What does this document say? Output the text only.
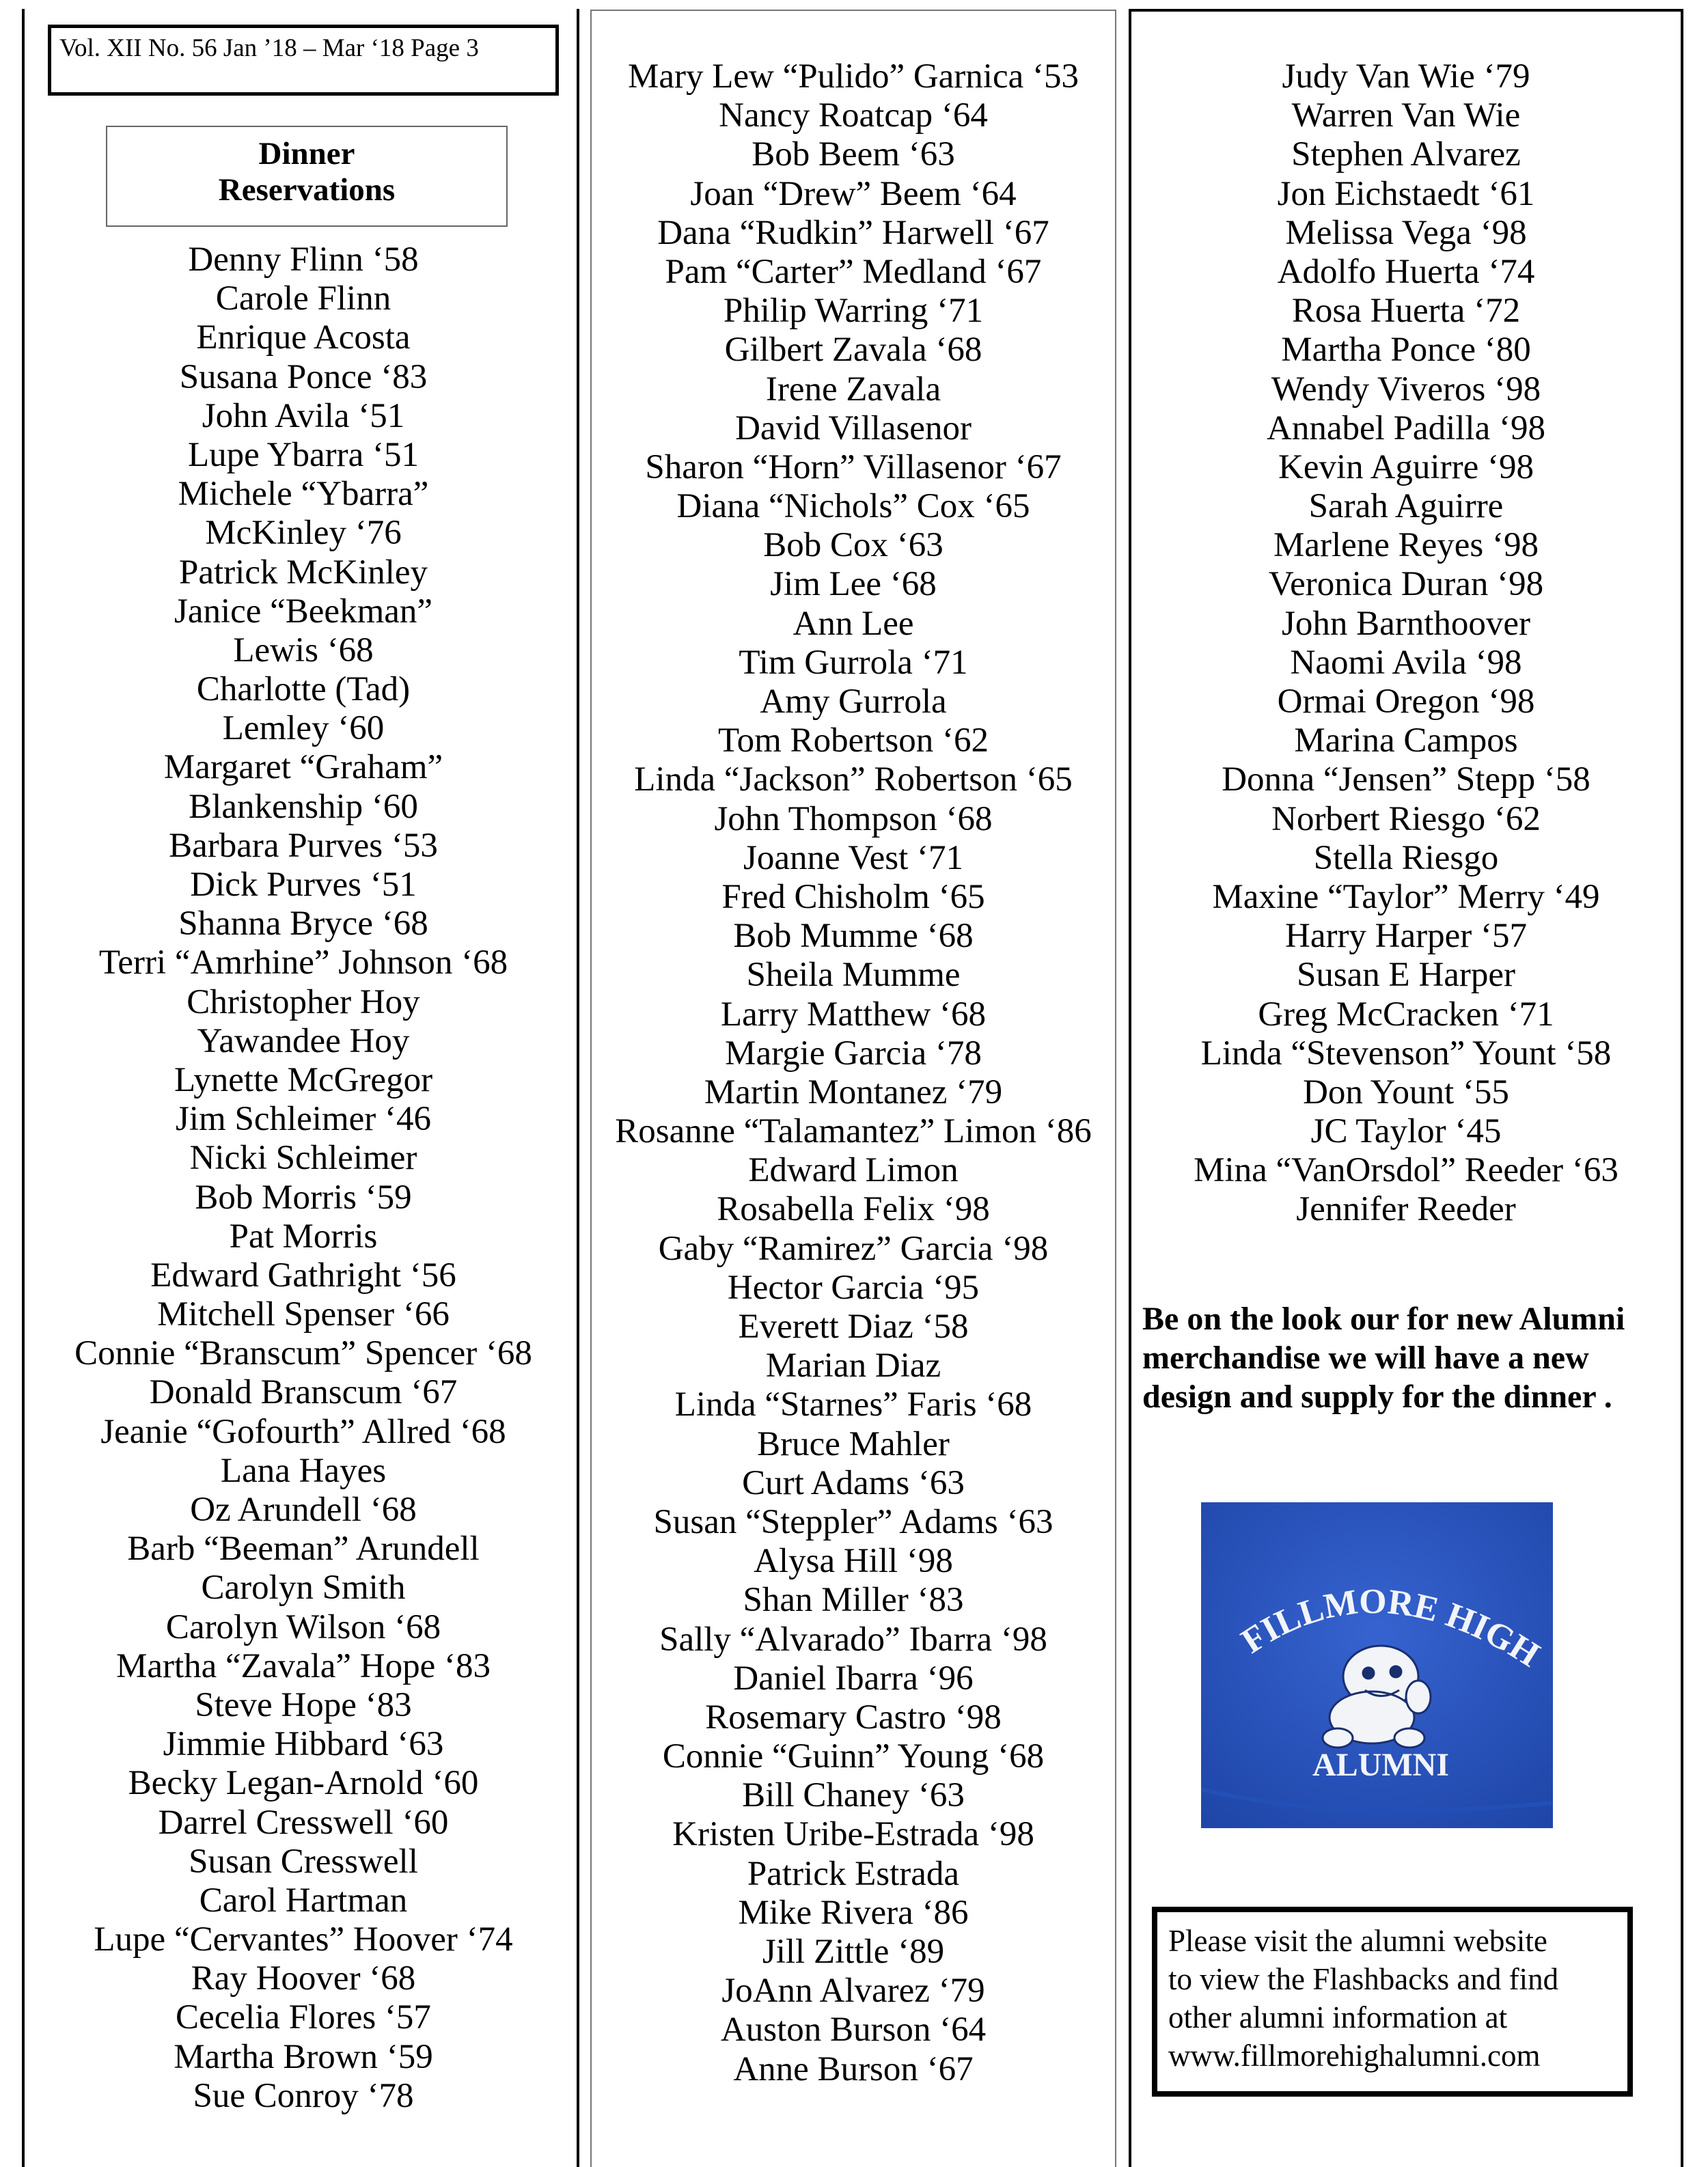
Vol. XII No. 56 Jan ’18 – Mar ‘18 Page 3
Dinner
Reservations
Denny Flinn ‘58
Carole Flinn
Enrique Acosta
Susana Ponce ‘83
John Avila ‘51
Lupe Ybarra ‘51
Michele “Ybarra”
McKinley ‘76
Patrick McKinley
Janice “Beekman”
Lewis ‘68
Charlotte (Tad)
Lemley ‘60
Margaret “Graham”
Blankenship ‘60
Barbara Purves ‘53
Dick Purves ‘51
Shanna Bryce ‘68
Terri “Amrhine” Johnson ‘68
Christopher Hoy
Yawandee Hoy
Lynette McGregor
Jim Schleimer ‘46
Nicki Schleimer
Bob Morris ‘59
Pat Morris
Edward Gathright ‘56
Mitchell Spenser ‘66
Connie “Branscum” Spencer ‘68
Donald Branscum ‘67
Jeanie “Gofourth” Allred ‘68
Lana Hayes
Oz Arundell ‘68
Barb “Beeman” Arundell
Carolyn Smith
Carolyn Wilson ‘68
Martha “Zavala” Hope ‘83
Steve Hope ‘83
Jimmie Hibbard ‘63
Becky Legan-Arnold ‘60
Darrel Cresswell ‘60
Susan Cresswell
Carol Hartman
Lupe “Cervantes” Hoover ‘74
Ray Hoover ‘68
Cecelia Flores ‘57
Martha Brown ‘59
Sue Conroy ‘78
Mary Lew “Pulido” Garnica ‘53
Nancy Roatcap ‘64
Bob Beem ‘63
Joan “Drew” Beem ‘64
Dana “Rudkin” Harwell ‘67
Pam “Carter” Medland ‘67
Philip Warring ‘71
Gilbert Zavala ‘68
Irene Zavala
David Villasenor
Sharon “Horn” Villasenor ‘67
Diana “Nichols” Cox ‘65
Bob Cox ‘63
Jim Lee ‘68
Ann Lee
Tim Gurrola ‘71
Amy Gurrola
Tom Robertson ‘62
Linda “Jackson” Robertson ‘65
John Thompson ‘68
Joanne Vest ‘71
Fred Chisholm ‘65
Bob Mumme ‘68
Sheila Mumme
Larry Matthew ‘68
Margie Garcia ‘78
Martin Montanez ‘79
Rosanne “Talamantez” Limon ‘86
Edward Limon
Rosabella Felix ‘98
Gaby “Ramirez” Garcia ‘98
Hector Garcia ‘95
Everett Diaz ‘58
Marian Diaz
Linda “Starnes” Faris ‘68
Bruce Mahler
Curt Adams ‘63
Susan “Steppler” Adams ‘63
Alysa Hill ‘98
Shan Miller ‘83
Sally “Alvarado” Ibarra ‘98
Daniel Ibarra ‘96
Rosemary Castro ‘98
Connie “Guinn” Young ‘68
Bill Chaney ‘63
Kristen Uribe-Estrada ‘98
Patrick Estrada
Mike Rivera ‘86
Jill Zittle ‘89
JoAnn Alvarez ‘79
Auston Burson ‘64
Anne Burson ‘67
Judy Van Wie ‘79
Warren Van Wie
Stephen Alvarez
Jon Eichstaedt ‘61
Melissa Vega ‘98
Adolfo Huerta ‘74
Rosa Huerta ‘72
Martha Ponce ‘80
Wendy Viveros ‘98
Annabel Padilla ‘98
Kevin Aguirre ‘98
Sarah Aguirre
Marlene Reyes ‘98
Veronica Duran ‘98
John Barnthoover
Naomi Avila ‘98
Ormai Oregon ‘98
Marina Campos
Donna “Jensen” Stepp ‘58
Norbert Riesgo ‘62
Stella Riesgo
Maxine “Taylor” Merry ‘49
Harry Harper ‘57
Susan E Harper
Greg McCracken ‘71
Linda “Stevenson” Yount ‘58
Don Yount ‘55
JC Taylor ‘45
Mina “VanOrsdol” Reeder ‘63
Jennifer Reeder
Be on the look our for new Alumni merchandise we will have a new design and supply for the dinner .
FILLMORE HIGH
ALUMNI
Please visit the alumni website
to view the Flashbacks and find
other alumni information at
www.fillmorehighalumni.com
